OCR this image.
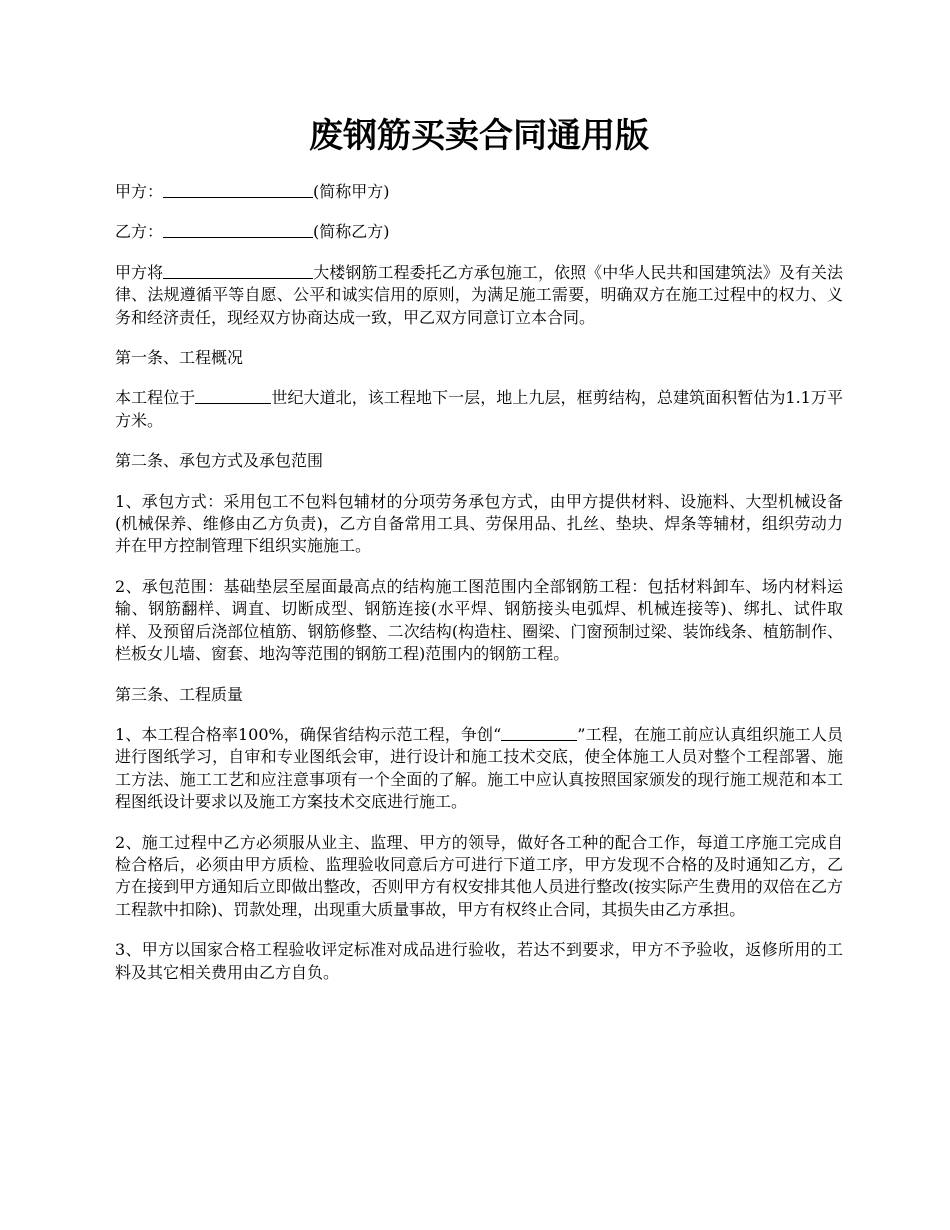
废钢筋买卖合同通用版

甲方：	(简称甲方)

乙方：	(简称乙方)

甲方将	大楼钢筋工程委托乙方承包施工，依照《中华人民共和国建筑法》及有关法律、法规遵循平等自愿、公平和诚实信用的原则，为满足施工需要，明确双方在施工过程中的权力、义务和经济责任，现经双方协商达成一致，甲乙双方同意订立本合同。

第一条、工程概况

本工程位于	世纪大道北，该工程地下一层，地上九层，框剪结构，总建筑面积暂估为1.1万平方米。

第二条、承包方式及承包范围

1、承包方式：采用包工不包料包辅材的分项劳务承包方式，由甲方提供材料、设施料、大型机械设备(机械保养、维修由乙方负责)，乙方自备常用工具、劳保用品、扎丝、垫块、焊条等辅材，组织劳动力并在甲方控制管理下组织实施施工。

2、承包范围：基础垫层至屋面最高点的结构施工图范围内全部钢筋工程：包括材料卸车、场内材料运输、钢筋翻样、调直、切断成型、钢筋连接(水平焊、钢筋接头电弧焊、机械连接等)、绑扎、试件取样、及预留后浇部位植筋、钢筋修整、二次结构(构造柱、圈梁、门窗预制过梁、装饰线条、植筋制作、栏板女儿墙、窗套、地沟等范围的钢筋工程)范围内的钢筋工程。

第三条、工程质量

1、本工程合格率100%，确保省结构示范工程，争创“	”工程，在施工前应认真组织施工人员进行图纸学习，自审和专业图纸会审，进行设计和施工技术交底，使全体施工人员对整个工程部署、施工方法、施工工艺和应注意事项有一个全面的了解。施工中应认真按照国家颁发的现行施工规范和本工程图纸设计要求以及施工方案技术交底进行施工。

2、施工过程中乙方必须服从业主、监理、甲方的领导，做好各工种的配合工作，每道工序施工完成自检合格后，必须由甲方质检、监理验收同意后方可进行下道工序，甲方发现不合格的及时通知乙方，乙方在接到甲方通知后立即做出整改，否则甲方有权安排其他人员进行整改(按实际产生费用的双倍在乙方工程款中扣除)、罚款处理，出现重大质量事故，甲方有权终止合同，其损失由乙方承担。

3、甲方以国家合格工程验收评定标准对成品进行验收，若达不到要求，甲方不予验收，返修所用的工料及其它相关费用由乙方自负。
